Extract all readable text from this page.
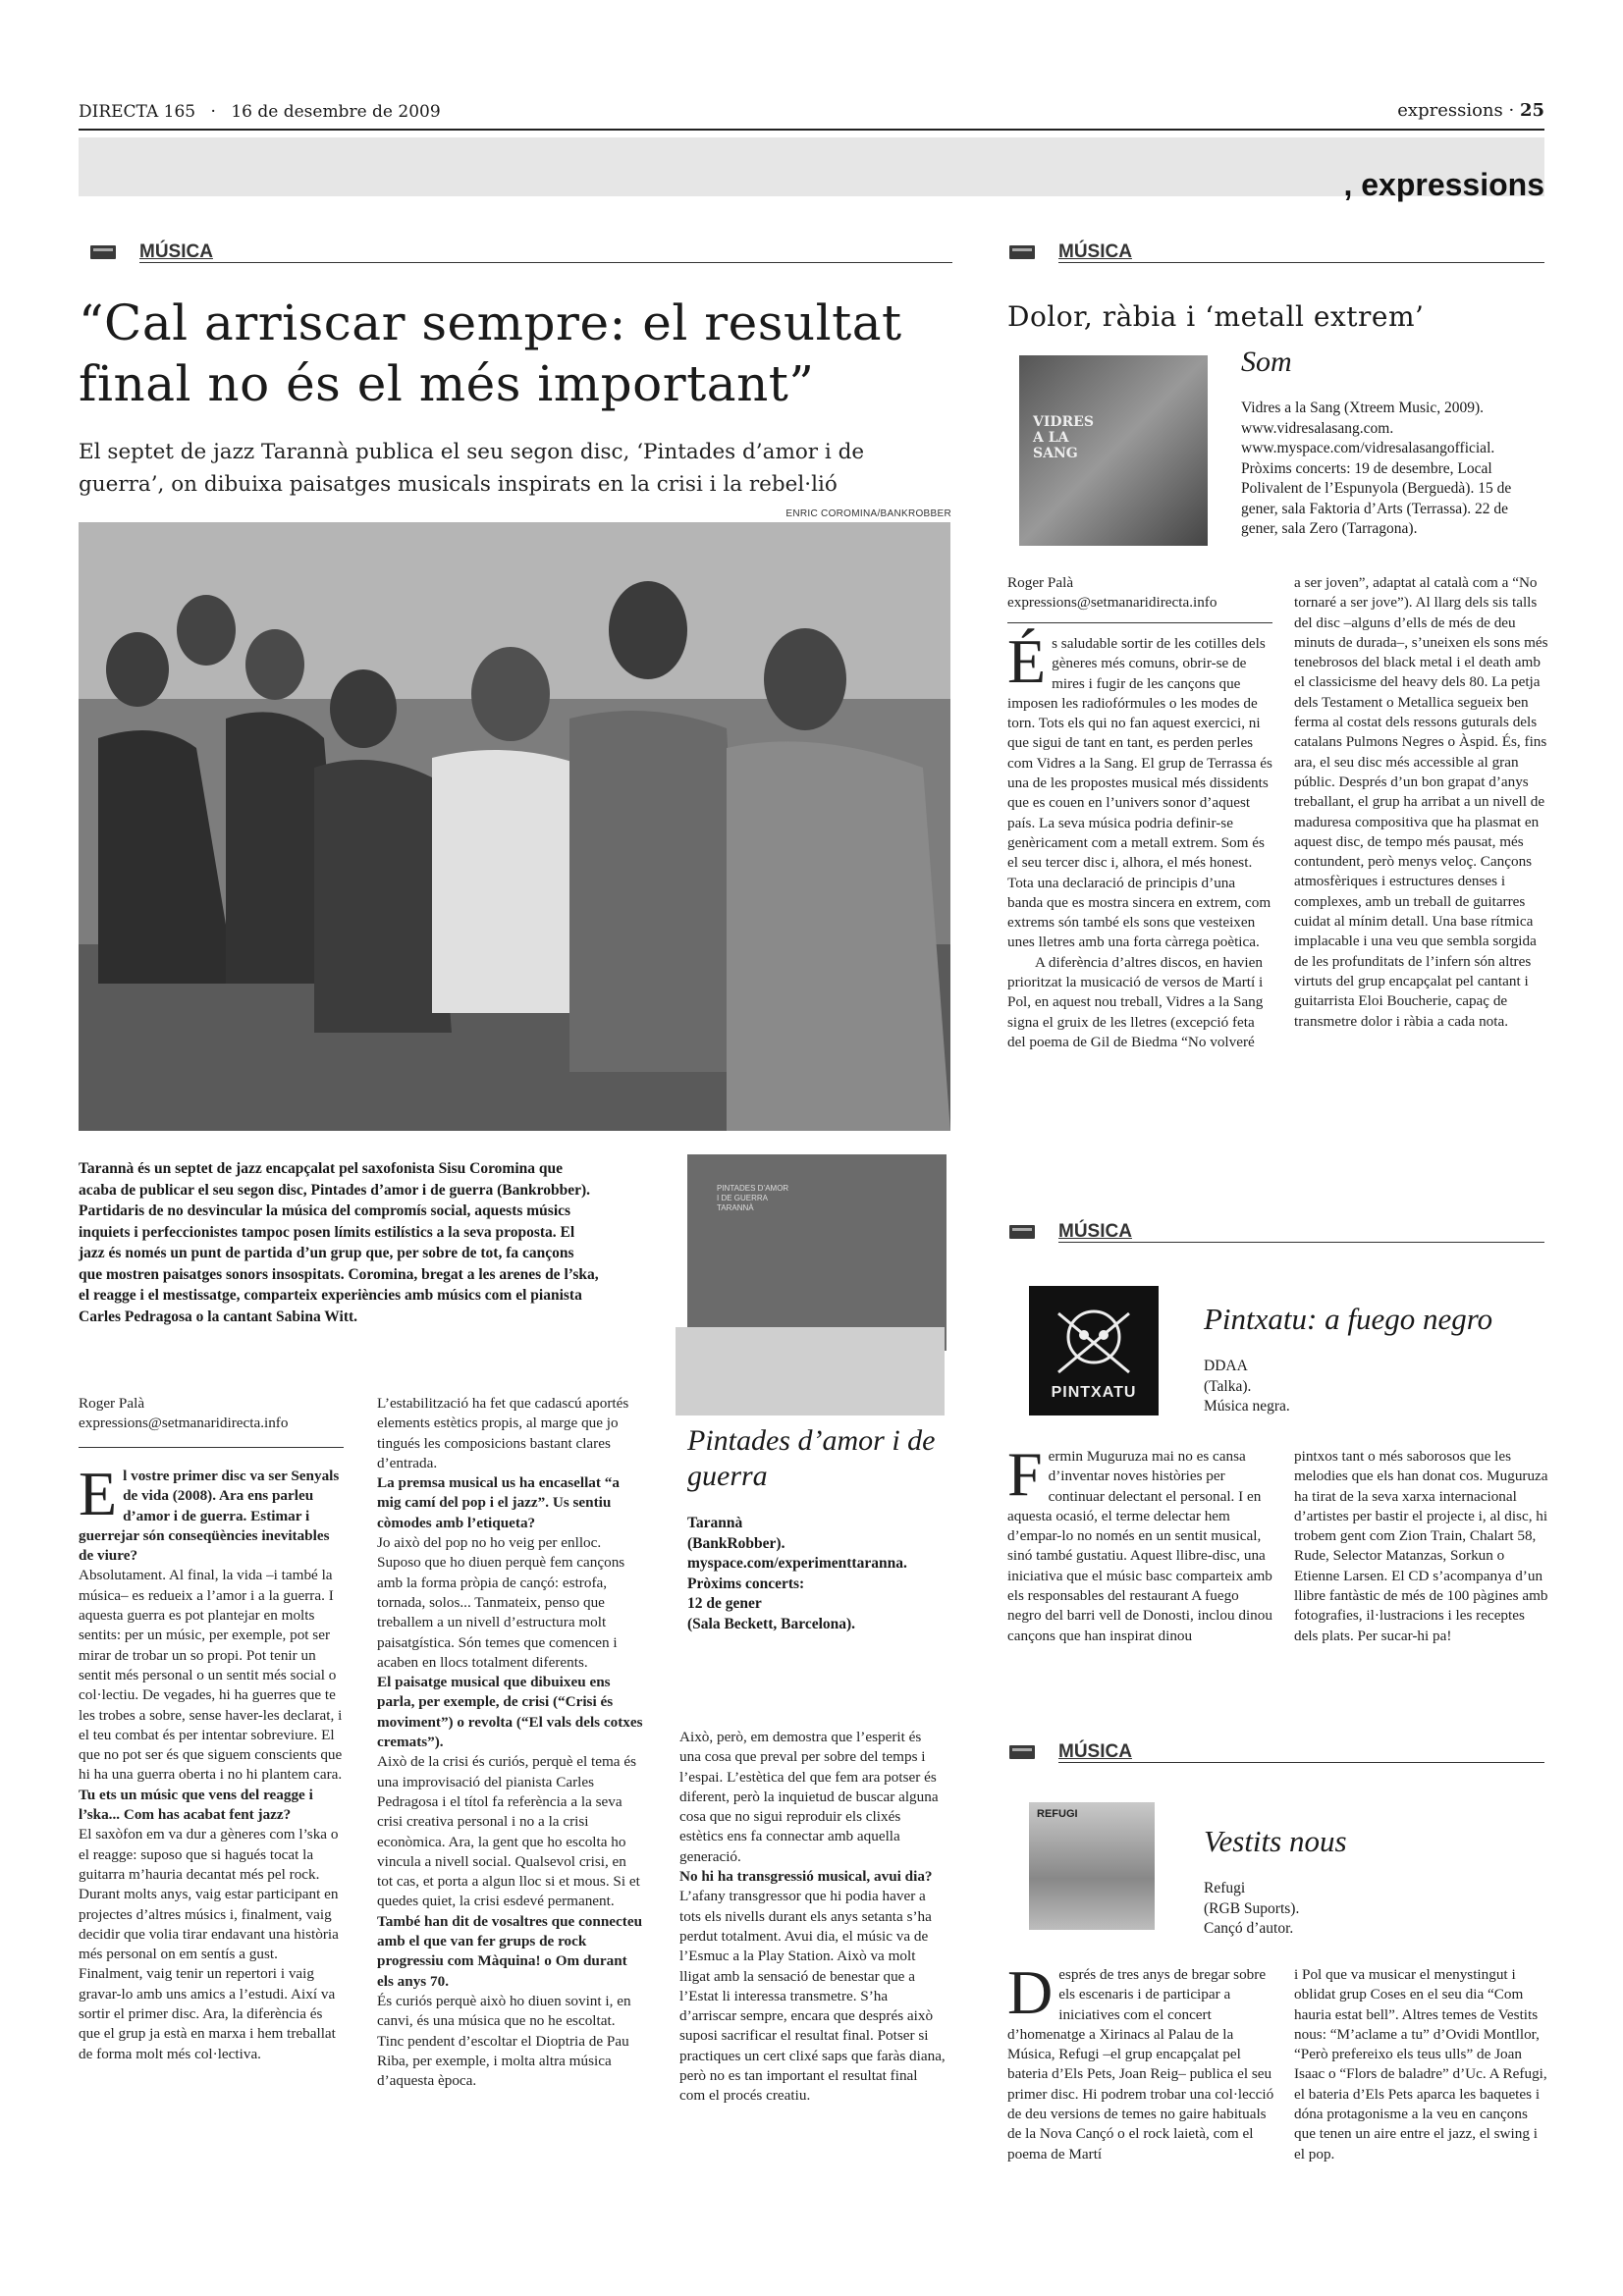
DIRECTA 165 · 16 de desembre de 2009	expressions · 25
, expressions
MÚSICA
“Cal arriscar sempre: el resultat final no és el més important”

El septet de jazz Tarannà publica el seu segon disc, ‘Pintades d’amor i de guerra’, on dibuixa paisatges musicals inspirats en la crisi i la rebel·lió

ENRIC COROMINA/BANKROBBER
Tarannà és un septet de jazz encapçalat pel saxofonista Sisu Coromina que acaba de publicar el seu segon disc, Pintades d’amor i de guerra (Bankrobber). Partidaris de no desvincular la música del compromís social, aquests músics inquiets i perfeccionistes tampoc posen límits estilístics a la seva proposta. El jazz és només un punt de partida d’un grup que, per sobre de tot, fa cançons que mostren paisatges sonors insospitats. Coromina, bregat a les arenes de l’ska, el reagge i el mestissatge, comparteix experiències amb músics com el pianista Carles Pedragosa o la cantant Sabina Witt.
PINTADES D’AMOR
I DE GUERRA
TARANNÀ
Pintades d’amor i de guerra
Tarannà
(BankRobber).
myspace.com/experimenttaranna.
Pròxims concerts:
12 de gener
(Sala Beckett, Barcelona).
Roger Palà
expressions@setmanaridirecta.info

El vostre primer disc va ser Senyals de vida (2008). Ara ens parleu d’amor i de guerra. Estimar i guerrejar són conseqüències inevitables de viure?

Absolutament. Al final, la vida –i també la música– es redueix a l’amor i a la guerra. I aquesta guerra es pot plantejar en molts sentits: per un músic, per exemple, pot ser mirar de trobar un so propi. Pot tenir un sentit més personal o un sentit més social o col·lectiu. De vegades, hi ha guerres que te les trobes a sobre, sense haver-les declarat, i el teu combat és per intentar sobreviure. El que no pot ser és que siguem conscients que hi ha una guerra oberta i no hi plantem cara.

Tu ets un músic que vens del reagge i l’ska... Com has acabat fent jazz?

El saxòfon em va dur a gèneres com l’ska o el reagge: suposo que si hagués tocat la guitarra m’hauria decantat més pel rock. Durant molts anys, vaig estar participant en projectes d’altres músics i, finalment, vaig decidir que volia tirar endavant una història més personal on em sentís a gust. Finalment, vaig tenir un repertori i vaig gravar-lo amb uns amics a l’estudi. Així va sortir el primer disc. Ara, la diferència és que el grup ja està en marxa i hem treballat de forma molt més col·lectiva.

L’estabilització ha fet que cadascú aportés elements estètics propis, al marge que jo tingués les composicions bastant clares d’entrada.

La premsa musical us ha encasellat “a mig camí del pop i el jazz”. Us sentiu còmodes amb l’etiqueta?

Jo això del pop no ho veig per enlloc. Suposo que ho diuen perquè fem cançons amb la forma pròpia de cançó: estrofa, tornada, solos... Tanmateix, penso que treballem a un nivell d’estructura molt paisatgística. Són temes que comencen i acaben en llocs totalment diferents.

El paisatge musical que dibuixeu ens parla, per exemple, de crisi (“Crisi és moviment”) o revolta (“El vals dels cotxes cremats”).

Això de la crisi és curiós, perquè el tema és una improvisació del pianista Carles Pedragosa i el títol fa referència a la seva crisi creativa personal i no a la crisi econòmica. Ara, la gent que ho escolta ho vincula a nivell social. Qualsevol crisi, en tot cas, et porta a algun lloc si et mous. Si et quedes quiet, la crisi esdevé permanent.

També han dit de vosaltres que connecteu amb el que van fer grups de rock progressiu com Màquina! o Om durant els anys 70.

És curiós perquè això ho diuen sovint i, en canvi, és una música que no he escoltat. Tinc pendent d’escoltar el Dioptria de Pau Riba, per exemple, i molta altra música d’aquesta època.

Això, però, em demostra que l’esperit és una cosa que preval per sobre del temps i l’espai. L’estètica del que fem ara potser és diferent, però la inquietud de buscar alguna cosa que no sigui reproduir els clixés estètics ens fa connectar amb aquella generació.

No hi ha transgressió musical, avui dia?

L’afany transgressor que hi podia haver a tots els nivells durant els anys setanta s’ha perdut totalment. Avui dia, el músic va de l’Esmuc a la Play Station. Això va molt lligat amb la sensació de benestar que a l’Estat li interessa transmetre. S’ha d’arriscar sempre, encara que després això suposi sacrificar el resultat final. Potser si practiques un cert clixé saps que faràs diana, però no es tan important el resultat final com el procés creatiu.

MÚSICA
Dolor, ràbia i ‘metall extrem’
Som
VIDRES A LA SANG
Vidres a la Sang (Xtreem Music, 2009). www.vidresalasang.com. www.myspace.com/vidresalasangofficial. Pròxims concerts: 19 de desembre, Local Polivalent de l’Espunyola (Berguedà). 15 de gener, sala Faktoria d’Arts (Terrassa). 22 de gener, sala Zero (Tarragona).
Roger Palà
expressions@setmanaridirecta.info

És saludable sortir de les cotilles dels gèneres més comuns, obrir-se de mires i fugir de les cançons que imposen les radiofórmules o les modes de torn. Tots els qui no fan aquest exercici, ni que sigui de tant en tant, es perden perles com Vidres a la Sang. El grup de Terrassa és una de les propostes musical més dissidents que es couen en l’univers sonor d’aquest país. La seva música podria definir-se genèricament com a metall extrem. Som és el seu tercer disc i, alhora, el més honest. Tota una declaració de principis d’una banda que es mostra sincera en extrem, com extrems són també els sons que vesteixen unes lletres amb una forta càrrega poètica.

A diferència d’altres discos, en havien prioritzat la musicació de versos de Martí i Pol, en aquest nou treball, Vidres a la Sang signa el gruix de les lletres (excepció feta del poema de Gil de Biedma “No volveré

a ser joven”, adaptat al català com a “No tornaré a ser jove”). Al llarg dels sis talls del disc –alguns d’ells de més de deu minuts de durada–, s’uneixen els sons més tenebrosos del black metal i el death amb el classicisme del heavy dels 80. La petja dels Testament o Metallica segueix ben ferma al costat dels ressons guturals dels catalans Pulmons Negres o Àspid. És, fins ara, el seu disc més accessible al gran públic. Després d’un bon grapat d’anys treballant, el grup ha arribat a un nivell de maduresa compositiva que ha plasmat en aquest disc, de tempo més pausat, més contundent, però menys veloç. Cançons atmosfèriques i estructures denses i complexes, amb un treball de guitarres cuidat al mínim detall. Una base rítmica implacable i una veu que sembla sorgida de les profunditats de l’infern són altres virtuts del grup encapçalat pel cantant i guitarrista Eloi Boucherie, capaç de transmetre dolor i ràbia a cada nota.
MÚSICA
PINTXATU
Pintxatu: a fuego negro
DDAA
(Talka).
Música negra.

Fermin Muguruza mai no es cansa d’inventar noves històries per continuar delectant el personal. I en aquesta ocasió, el terme delectar hem d’empar-lo no només en un sentit musical, sinó també gustatiu. Aquest llibre-disc, una iniciativa que el músic basc comparteix amb els responsables del restaurant A fuego negro del barri vell de Donosti, inclou dinou cançons que han inspirat dinou

pintxos tant o més saborosos que les melodies que els han donat cos. Muguruza ha tirat de la seva xarxa internacional d’artistes per bastir el projecte i, al disc, hi trobem gent com Zion Train, Chalart 58, Rude, Selector Matanzas, Sorkun o Etienne Larsen. El CD s’acompanya d’un llibre fantàstic de més de 100 pàgines amb fotografies, il·lustracions i les receptes dels plats. Per sucar-hi pa!
MÚSICA
REFUGI
Vestits nous
Refugi
(RGB Suports).
Cançó d’autor.

Després de tres anys de bregar sobre els escenaris i de participar a iniciatives com el concert d’homenatge a Xirinacs al Palau de la Música, Refugi –el grup encapçalat pel bateria d’Els Pets, Joan Reig– publica el seu primer disc. Hi podrem trobar una col·lecció de deu versions de temes no gaire habituals de la Nova Cançó o el rock laietà, com el poema de Martí

i Pol que va musicar el menystingut i oblidat grup Coses en el seu dia “Com hauria estat bell”. Altres temes de Vestits nous: “M’aclame a tu” d’Ovidi Montllor, “Però prefereixo els teus ulls” de Joan Isaac o “Flors de baladre” d’Uc. A Refugi, el bateria d’Els Pets aparca les baquetes i dóna protagonisme a la veu en cançons que tenen un aire entre el jazz, el swing i el pop.
